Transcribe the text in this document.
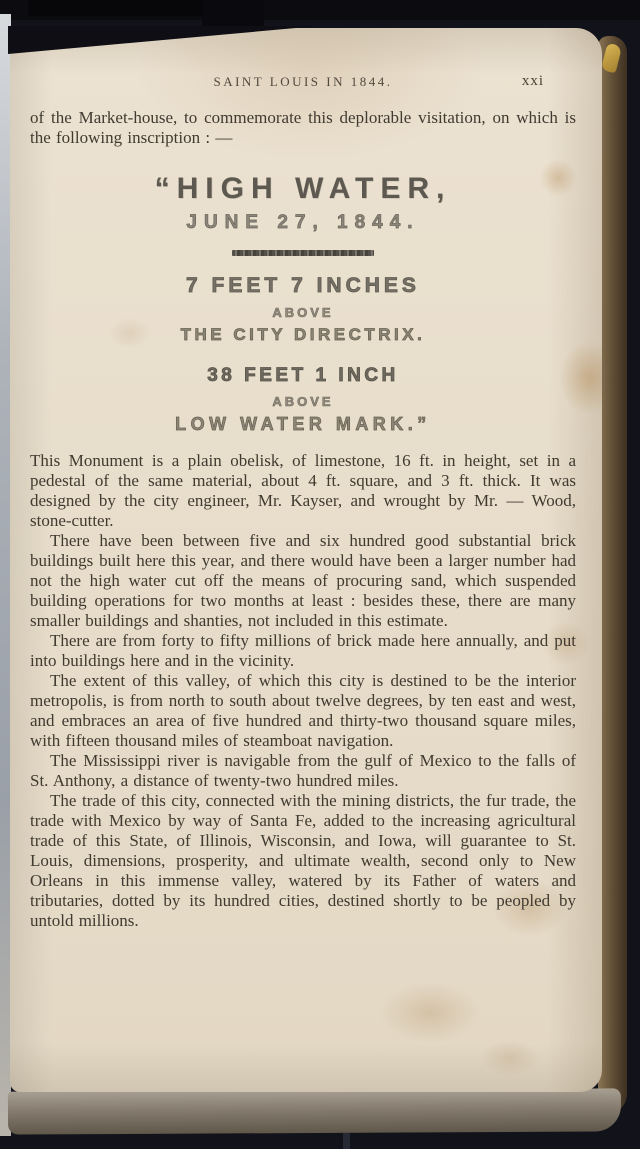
SAINT LOUIS IN 1844.	xxi

of the Market-house, to commemorate this deplorable visitation, on which is the following inscription : —

“HIGH WATER,
JUNE 27, 1844.
7 FEET 7 INCHES
ABOVE
THE CITY DIRECTRIX.
38 FEET 1 INCH
ABOVE
LOW WATER MARK.”

This Monument is a plain obelisk, of limestone, 16 ft. in height, set in a pedestal of the same material, about 4 ft. square, and 3 ft. thick. It was designed by the city engineer, Mr. Kayser, and wrought by Mr. — Wood, stone-cutter.

There have been between five and six hundred good substantial brick buildings built here this year, and there would have been a larger number had not the high water cut off the means of procuring sand, which suspended building operations for two months at least : besides these, there are many smaller buildings and shanties, not included in this estimate.

There are from forty to fifty millions of brick made here annually, and put into buildings here and in the vicinity.

The extent of this valley, of which this city is destined to be the interior metropolis, is from north to south about twelve degrees, by ten east and west, and embraces an area of five hundred and thirty-two thousand square miles, with fifteen thousand miles of steamboat navigation.

The Mississippi river is navigable from the gulf of Mexico to the falls of St. Anthony, a distance of twenty-two hundred miles.

The trade of this city, connected with the mining districts, the fur trade, the trade with Mexico by way of Santa Fe, added to the increasing agricultural trade of this State, of Illinois, Wisconsin, and Iowa, will guarantee to St. Louis, dimensions, prosperity, and ultimate wealth, second only to New Orleans in this immense valley, watered by its Father of waters and tributaries, dotted by its hundred cities, destined shortly to be peopled by untold millions.
